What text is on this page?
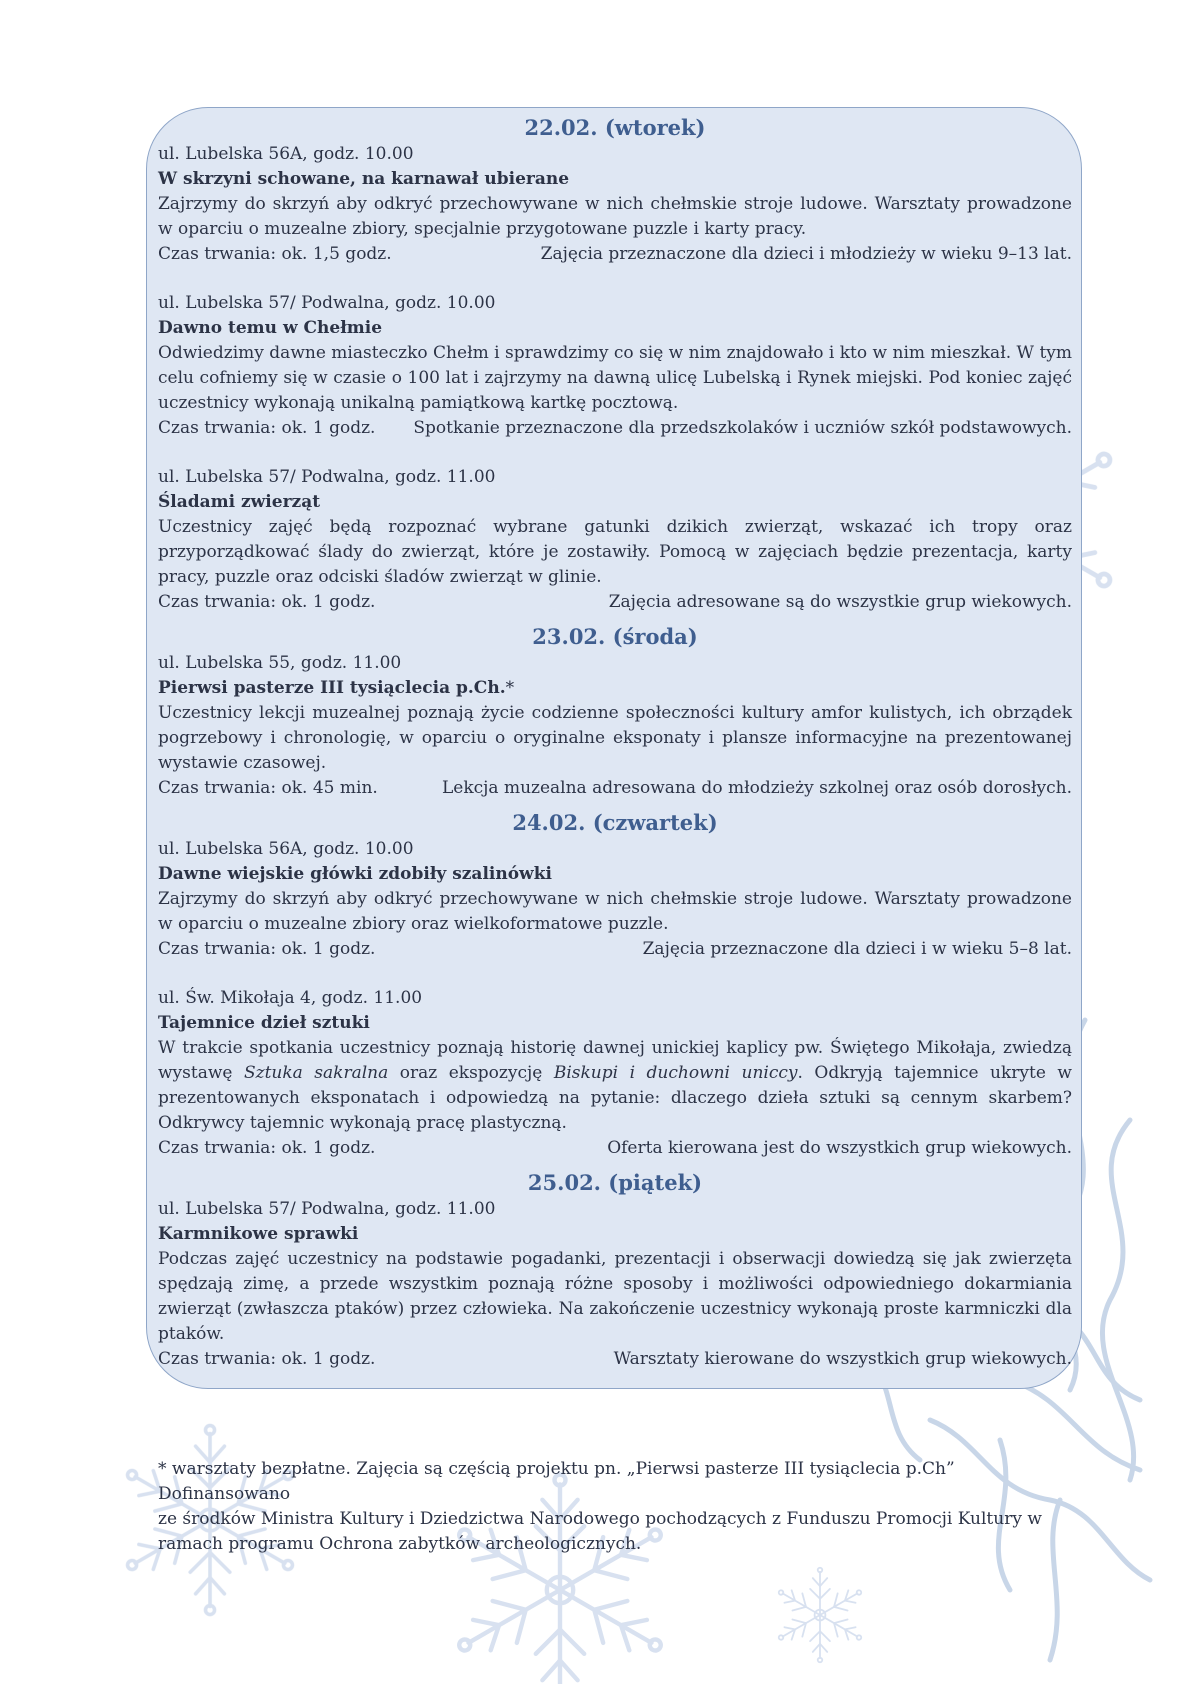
22.02. (wtorek)

ul. Lubelska 56A, godz. 10.00

W skrzyni schowane, na karnawał ubierane

Zajrzymy do skrzyń aby odkryć przechowywane w nich chełmskie stroje ludowe. Warsztaty prowadzone w oparciu o muzealne zbiory, specjalnie przygotowane puzzle i karty pracy.

Czas trwania: ok. 1,5 godz.	Zajęcia przeznaczone dla dzieci i młodzieży w wieku 9–13 lat.

ul. Lubelska 57/ Podwalna, godz. 10.00

Dawno temu w Chełmie

Odwiedzimy dawne miasteczko Chełm i sprawdzimy co się w nim znajdowało i kto w nim mieszkał. W tym celu cofniemy się w czasie o 100 lat i zajrzymy na dawną ulicę Lubelską i Rynek miejski. Pod koniec zajęć uczestnicy wykonają unikalną pamiątkową kartkę pocztową.

Czas trwania: ok. 1 godz. Spotkanie przeznaczone dla przedszkolaków i uczniów szkół podstawowych.

ul. Lubelska 57/ Podwalna, godz. 11.00

Śladami zwierząt

Uczestnicy zajęć będą rozpoznać wybrane gatunki dzikich zwierząt, wskazać ich tropy oraz przyporządkować ślady do zwierząt, które je zostawiły. Pomocą w zajęciach będzie prezentacja, karty pracy, puzzle oraz odciski śladów zwierząt w glinie.

Czas trwania: ok. 1 godz.	Zajęcia adresowane są do wszystkie grup wiekowych.
23.02. (środa)

ul. Lubelska 55, godz. 11.00

Pierwsi pasterze III tysiąclecia p.Ch.*

Uczestnicy lekcji muzealnej poznają życie codzienne społeczności kultury amfor kulistych, ich obrządek pogrzebowy i chronologię, w oparciu o oryginalne eksponaty i plansze informacyjne na prezentowanej wystawie czasowej.

Czas trwania: ok. 45 min.	Lekcja muzealna adresowana do młodzieży szkolnej oraz osób dorosłych.
24.02. (czwartek)

ul. Lubelska 56A, godz. 10.00

Dawne wiejskie główki zdobiły szalinówki

Zajrzymy do skrzyń aby odkryć przechowywane w nich chełmskie stroje ludowe. Warsztaty prowadzone w oparciu o muzealne zbiory oraz wielkoformatowe puzzle.

Czas trwania: ok. 1 godz.	Zajęcia przeznaczone dla dzieci i w wieku 5–8 lat.

ul. Św. Mikołaja 4, godz. 11.00

Tajemnice dzieł sztuki

W trakcie spotkania uczestnicy poznają historię dawnej unickiej kaplicy pw. Świętego Mikołaja, zwiedzą wystawę Sztuka sakralna oraz ekspozycję Biskupi i duchowni uniccy. Odkryją tajemnice ukryte w prezentowanych eksponatach i odpowiedzą na pytanie: dlaczego dzieła sztuki są cennym skarbem? Odkrywcy tajemnic wykonają pracę plastyczną.

Czas trwania: ok. 1 godz.	Oferta kierowana jest do wszystkich grup wiekowych.
25.02. (piątek)

ul. Lubelska 57/ Podwalna, godz. 11.00

Karmnikowe sprawki

Podczas zajęć uczestnicy na podstawie pogadanki, prezentacji i obserwacji dowiedzą się jak zwierzęta spędzają zimę, a przede wszystkim poznają różne sposoby i możliwości odpowiedniego dokarmiania zwierząt (zwłaszcza ptaków) przez człowieka. Na zakończenie uczestnicy wykonają proste karmniczki dla ptaków.

Czas trwania: ok. 1 godz.	Warsztaty kierowane do wszystkich grup wiekowych.

* warsztaty bezpłatne. Zajęcia są częścią projektu pn. „Pierwsi pasterze III tysiąclecia p.Ch” Dofinansowano

ze środków Ministra Kultury i Dziedzictwa Narodowego pochodzących z Funduszu Promocji Kultury w

ramach programu Ochrona zabytków archeologicznych.
